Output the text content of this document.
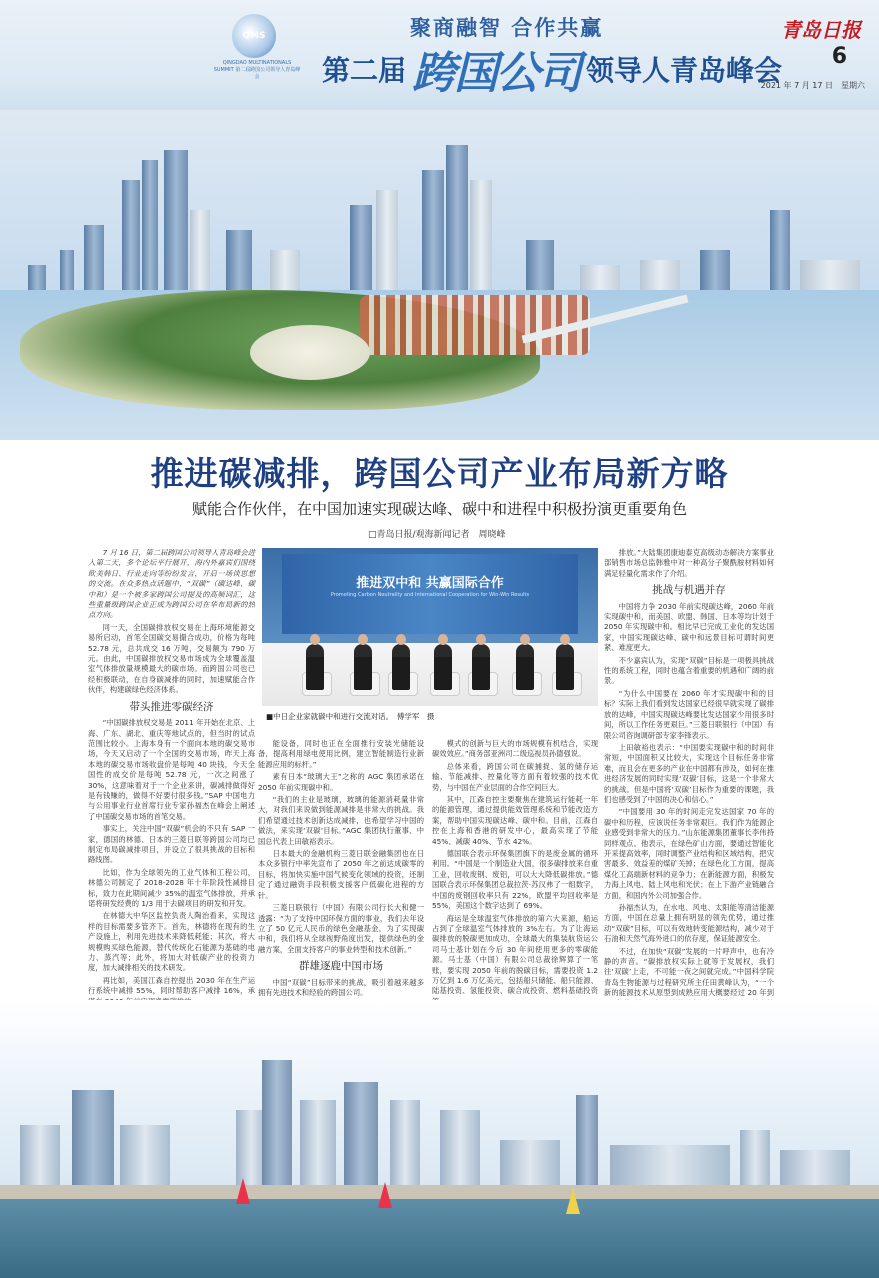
QMS
QINGDAO MULTINATIONALS SUMMIT 第二届跨国公司领导人青岛峰会
聚商融智 合作共赢
第二届 跨国公司 领导人青岛峰会
青岛日报
6
2021 年 7 月 17 日　星期六
推进碳减排，跨国公司产业布局新方略
赋能合作伙伴，在中国加速实现碳达峰、碳中和进程中积极扮演更重要角色
□青岛日报/观海新闻记者　周晓峰

7 月 16 日，第二届跨国公司领导人青岛峰会进入第二天，多个论坛平行展开，海内外嘉宾们围绕欧美韩日、行业走向等纷纷发言，开启一场谈思想的交流。在众多热点话题中，“双碳”（碳达峰、碳中和）是一个被多家跨国公司提及的高频词汇，这些重量级跨国企业正成为跨国公司在华布局新的热点方向。

同一天，全国碳排放权交易在上海环境能源交易所启动，首笔全国碳交易撮合成功，价格为每吨 52.78 元，总共成交 16 万吨，交易额为 790 万元。由此，中国碳排放权交易市场成为全球覆盖温室气体排放量规模最大的碳市场。而跨国公司也已经积极联动，在自身碳减排的同时，加速赋能合作伙伴，构建碳绿色经济体系。

带头推进零碳经济

“中国碳排放权交易是 2011 年开始在北京、上海、广东、湖北、重庆等地试点的，但当时的试点范围比较小。上海本身有一个面向本地的碳交易市场，今天又启动了一个全国的交易市场，昨天上海本地的碳交易市场收盘价是每吨 40 块钱，今天全国性的成交价是每吨 52.78 元，一次之间涨了 30%，这意味着对于一个企业来讲，碳减排做得好是有钱赚的，做得不好要付很多钱。”SAP 中国电力与公用事业行业首席行业专家孙福杰在峰会上阐述了中国碳交易市场的首笔交易。

事实上，关注中国“双碳”机会的不只有 SAP 一家，德国的林德、日本的三菱日联等跨国公司均已制定布局碳减排项目，并设立了很具挑战的目标和路线图。

比如，作为全球领先的工业气体和工程公司，林德公司制定了 2018-2028 年十年阶段性减排目标，致力在此期间减少 35%的温室气体排放，并承诺将研发经费的 1/3 用于去碳项目的研发和开发。

在林德大中华区监控负责人陶治看来，实现这样的目标需要多管齐下。首先，林德将在现有的生产设施上，利用先进技术来降低耗能；其次，将大规模购买绿色能源，替代传统化石能源为基础的电力、蒸汽等；此外，将加大对低碳产业的投资力度，加大减排相关的技术研发。

再比如，美国江森自控提出 2030 年在生产运行系统中减排 55%，同时帮助客户减排 16%，承

推进双中和 共赢国际合作
Promoting Carbon Neutrality and International Cooperation for Win-Win Results
■中日企业家就碳中和进行交流对话。　傅学军　摄

能设备，同时也正在全面推行安装光储能设备，提高利用绿电使用比例，建立智能制造行业新能源应用的标杆。”

素有日本“玻璃大王”之称的 AGC 集团承诺在 2050 年前实现碳中和。

“我们的主业是玻璃，玻璃的能源消耗量非常大，对我们来说做到能源减排是非常大的挑战。我们希望通过技术创新达成减排，也希望学习中国的做法，来实现‘双碳’目标。”AGC 集团执行董事、中国总代表上田敏裕表示。

日本最大的金融机构三菱日联金融集团也在日本众多银行中率先宣布了 2050 年之前达成碳零的目标，将加快实施中国气候变化领域的投资，还制定了通过融资手段积极支援客户低碳化进程的方针。

三菱日联银行（中国）有限公司行长大和健一透露：“为了支持中国环保方面的事业，我们去年设立了 50 亿元人民币的绿色金融基金，为了实现碳中和，我们将从全球视野角度出发，提供绿色的金融方案，全面支持客户的事业转型和技术创新。”

群雄逐鹿中国市场

中国“双碳”目标带来的挑战，吸引着越来越多拥有先进技术和经验的跨国公司。

模式的创新与巨大的市场规模有机结合，实现碳效效应。”商务部亚洲司二级巡视员孙德强说。

总体来看，跨国公司在碳捕捉、氢的储存运输、节能减排、控量化等方面有着较强的技术优势，与中国在产业层面的合作空间巨大。

其中，江森自控主要聚焦在建筑运行能耗一年的能源管理，通过提供能效管理系统和节能改造方案，帮助中国实现碳达峰、碳中和。目前，江森自控在上海和香港的研发中心，最高实现了节能 45%、减碳 40%、节水 42%。

德国联合表示环保集团旗下的是废金属的循环利用。“中国是一个制造业大国，很多碳排放来自重工业，回收废钢、废铝，可以大大降低碳排放。”德国联合表示环保集团总裁拉茨·苏汉弗了一组数字，中国的废钢回收率只有 22%，欧盟平均回收率是 55%，美国这个数字达到了 69%。

海运是全球温室气体排放的第六大来源，船运占到了全球温室气体排放的 3%左右。为了让海运碳排放的脱碳更加成功，全球最大的集装航货运公司马士基计划在今后 30 年间使用更多的零碳能源。马士基（中国）有限公司总裁徐辉算了一笔账，要实现 2050 年前的脱碳目标，需要投资 1.2 万亿到 1.6 万亿美元，包括船只储能、船只能源、陆基投资、氢能投资、碳合成投资、燃料基础投资

排放。”大陆集团康迪泰克高级动态解决方案事业部销售市场总监韩雅中对一种高分子聚酰胺材料如何满足轻量化需求作了介绍。

挑战与机遇并存

中国将力争 2030 年前实现碳达峰，2060 年前实现碳中和，而美国、欧盟、韩国、日本等均计划于 2050 年实现碳中和。相比早已完成工业化的发达国家，中国实现碳达峰、碳中和远景目标可谓时间更紧、难度更大。

不少嘉宾认为，实现“双碳”目标是一项极具挑战性的系统工程，同时也蕴含着重要的机遇和广阔的前景。

“为什么中国要在 2060 年才实现碳中和的目标？实际上我们看到发达国家已经很早就实现了碳排放的达峰，中国实现碳达峰要比发达国家少用很多时间，所以工作任务更艰巨。”三菱日联银行（中国）有限公司咨询调研部专家李锋表示。

上田敏裕也表示：“中国要实现碳中和的时间非常短，中国面积又比较大，实现这个目标任务非常难，而且会在更多的产业在中国都有涉及，如何在推进经济发展的同时实现‘双碳’目标，这是一个非常大的挑战。但是中国将‘双碳’目标作为重要的课题，我们也感受到了中国的决心和信心。”

“中国要用 30 年的时间走完发达国家 70 年的碳中和历程，应该说任务非常艰巨。我们作为能源企业感受到非常大的压力。”山东能源集团董事长李伟持同样观点。他表示，在绿色矿山方面，要通过智能化开采提高效率，同时调整产业结构和区域结构，把灾害最多、效益差的煤矿关掉；在绿色化工方面，提高煤化工高端新材料的竞争力；在新能源方面，积极发力海上风电、陆上风电和光伏；在上下游产业链融合方面，和国内外公司加强合作。

孙福杰认为，在水电、风电、太阳能等清洁能源方面，中国在总量上拥有明显的领先优势，通过推动“双碳”目标，可以有效地转变能源结构，减少对于石油和天然气海外进口的依存度，保证能源安全。

不过，在加快“双碳”发展的一片呼声中，也有冷静的声音。“碳排放权实际上就等于发展权，我们往‘双碳’上走，不可能一夜之间就完成。”中国科学院青岛生物能源与过程研究所主任田黄峰认为，“一个新的能源技术从原型到成熟应用大概要经过 20 年到
